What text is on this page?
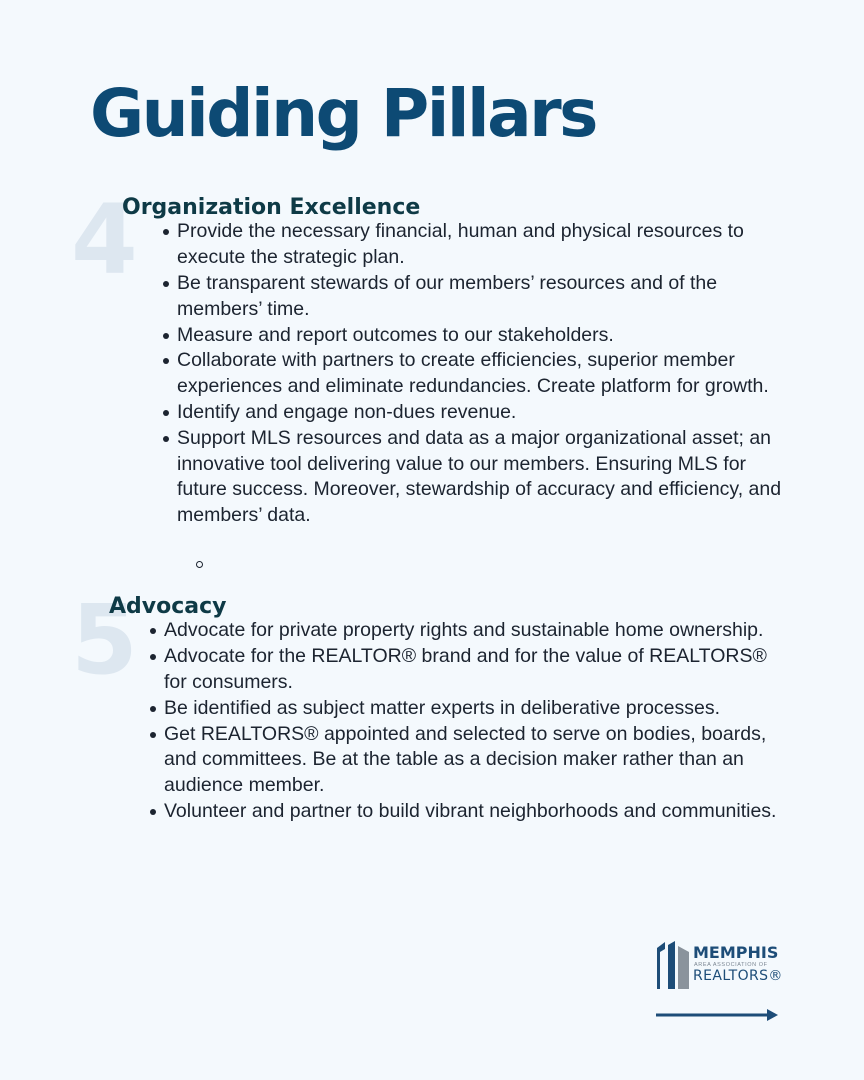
Guiding Pillars
4
Organization Excellence
Provide the necessary financial, human and physical resources to execute the strategic plan.
Be transparent stewards of our members’ resources and of the members’ time.
Measure and report outcomes to our stakeholders.
Collaborate with partners to create efficiencies, superior member experiences and eliminate redundancies. Create platform for growth.
Identify and engage non-dues revenue.
Support MLS resources and data as a major organizational asset; an innovative tool delivering value to our members. Ensuring MLS for future success. Moreover, stewardship of accuracy and efficiency, and members’ data.
5
Advocacy
Advocate for private property rights and sustainable home ownership.
Advocate for the REALTOR® brand and for the value of REALTORS® for consumers.
Be identified as subject matter experts in deliberative processes.
Get REALTORS® appointed and selected to serve on bodies, boards, and committees. Be at the table as a decision maker rather than an audience member.
Volunteer and partner to build vibrant neighborhoods and communities.
MEMPHIS
AREA ASSOCIATION OF
REALTORS®
